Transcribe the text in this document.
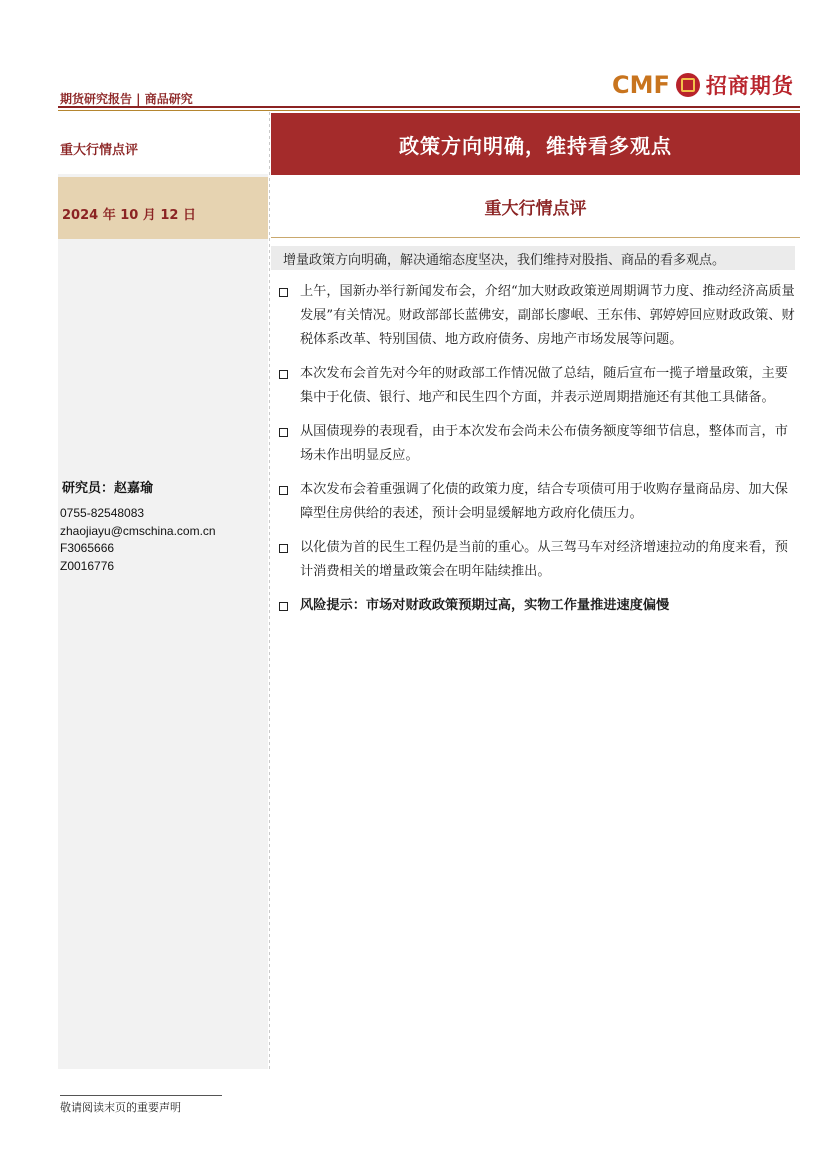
期货研究报告 | 商品研究	CMF 招商期货
重大行情点评
2024 年 10 月 12 日
研究员：赵嘉瑜
0755-82548083
zhaojiayu@cmschina.com.cn
F3065666
Z0016776
政策方向明确，维持看多观点
重大行情点评
增量政策方向明确，解决通缩态度坚决，我们维持对股指、商品的看多观点。
上午，国新办举行新闻发布会，介绍“加大财政政策逆周期调节力度、推动经济高质量发展”有关情况。财政部部长蓝佛安，副部长廖岷、王东伟、郭婷婷回应财政政策、财税体系改革、特别国债、地方政府债务、房地产市场发展等问题。
本次发布会首先对今年的财政部工作情况做了总结，随后宣布一揽子增量政策，主要集中于化债、银行、地产和民生四个方面，并表示逆周期措施还有其他工具储备。
从国债现券的表现看，由于本次发布会尚未公布债务额度等细节信息，整体而言，市场未作出明显反应。
本次发布会着重强调了化债的政策力度，结合专项债可用于收购存量商品房、加大保障型住房供给的表述，预计会明显缓解地方政府化债压力。
以化债为首的民生工程仍是当前的重心。从三驾马车对经济增速拉动的角度来看，预计消费相关的增量政策会在明年陆续推出。
风险提示：市场对财政政策预期过高，实物工作量推进速度偏慢
敬请阅读末页的重要声明
